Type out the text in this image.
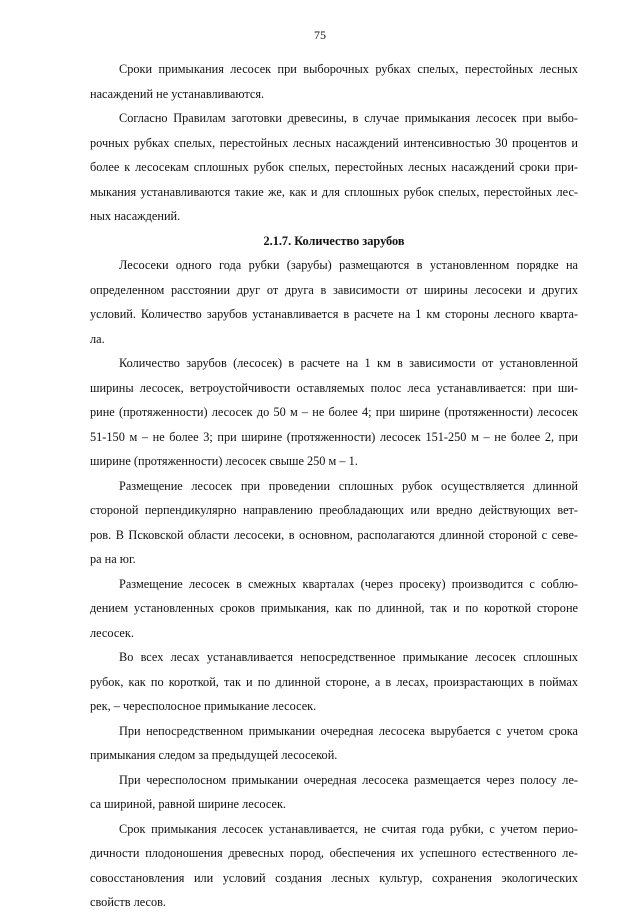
75
Сроки примыкания лесосек при выборочных рубках спелых, перестойных лесных
насаждений не устанавливаются.
Согласно Правилам заготовки древесины, в случае примыкания лесосек при выбо-
рочных рубках спелых, перестойных лесных насаждений интенсивностью 30 процентов и
более к лесосекам сплошных рубок спелых, перестойных лесных насаждений сроки при-
мыкания устанавливаются такие же, как и для сплошных рубок спелых, перестойных лес-
ных насаждений.
2.1.7. Количество зарубов
Лесосеки одного года рубки (зарубы) размещаются в установленном порядке на
определенном расстоянии друг от друга в зависимости от ширины лесосеки и других
условий. Количество зарубов устанавливается в расчете на 1 км стороны лесного кварта-
ла.
Количество зарубов (лесосек) в расчете на 1 км в зависимости от установленной
ширины лесосек, ветроустойчивости оставляемых полос леса устанавливается: при ши-
рине (протяженности) лесосек до 50 м – не более 4; при ширине (протяженности) лесосек
51-150 м – не более 3; при ширине (протяженности) лесосек 151-250 м – не более 2, при
ширине (протяженности) лесосек свыше 250 м – 1.
Размещение лесосек при проведении сплошных рубок осуществляется длинной
стороной перпендикулярно направлению преобладающих или вредно действующих вет-
ров. В Псковской области лесосеки, в основном, располагаются длинной стороной с севе-
ра на юг.
Размещение лесосек в смежных кварталах (через просеку) производится с соблю-
дением установленных сроков примыкания, как по длинной, так и по короткой стороне
лесосек.
Во всех лесах устанавливается непосредственное примыкание лесосек сплошных
рубок, как по короткой, так и по длинной стороне, а в лесах, произрастающих в поймах
рек, – чересполосное примыкание лесосек.
При непосредственном примыкании очередная лесосека вырубается с учетом срока
примыкания следом за предыдущей лесосекой.
При чересполосном примыкании очередная лесосека размещается через полосу ле-
са шириной, равной ширине лесосек.
Срок примыкания лесосек устанавливается, не считая года рубки, с учетом перио-
дичности плодоношения древесных пород, обеспечения их успешного естественного ле-
совосстановления или условий создания лесных культур, сохранения экологических
свойств лесов.
